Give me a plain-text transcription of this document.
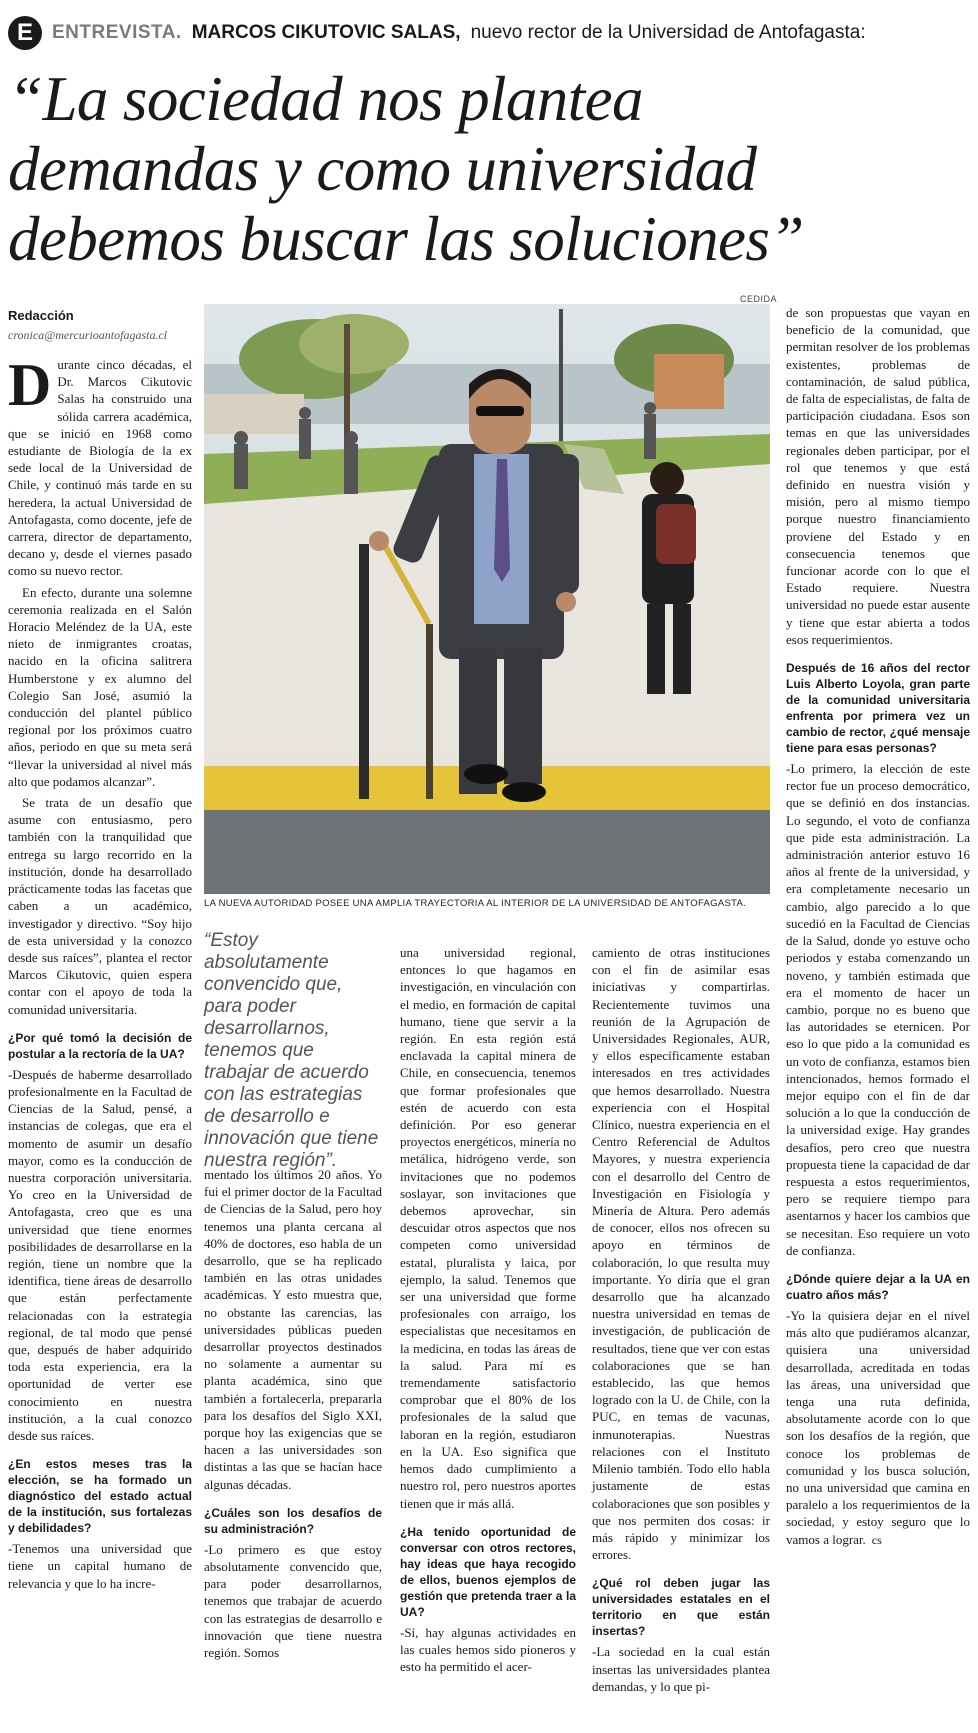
E	ENTREVISTA. MARCOS CIKUTOVIC SALAS, nuevo rector de la Universidad de Antofagasta:
“La sociedad nos plantea
demandas y como universidad
debemos buscar las soluciones”
Redacción
cronica@mercurioantofagasta.cl
CEDIDA
LA NUEVA AUTORIDAD POSEE UNA AMPLIA TRAYECTORIA AL INTERIOR DE LA UNIVERSIDAD DE ANTOFAGASTA.
“Estoy absolutamente convencido que, para poder desarrollarnos, tenemos que trabajar de acuerdo con las estrategias de desarrollo e innovación que tiene nuestra región”.

Durante cinco décadas, el Dr. Marcos Cikutovic Salas ha construido una sólida carrera académica, que se inició en 1968 como estudiante de Biología de la ex sede local de la Universidad de Chile, y continuó más tarde en su heredera, la actual Universidad de Antofagasta, como docente, jefe de carrera, director de departamento, decano y, desde el viernes pasado como su nuevo rector.

En efecto, durante una solemne ceremonia realizada en el Salón Horacio Meléndez de la UA, este nieto de inmigrantes croatas, nacido en la oficina salitrera Humberstone y ex alumno del Colegio San José, asumió la conducción del plantel público regional por los próximos cuatro años, periodo en que su meta será “llevar la universidad al nivel más alto que podamos alcanzar”.

Se trata de un desafío que asume con entusiasmo, pero también con la tranquilidad que entrega su largo recorrido en la institución, donde ha desarrollado prácticamente todas las facetas que caben a un académico, investigador y directivo. “Soy hijo de esta universidad y la conozco desde sus raíces”, plantea el rector Marcos Cikutovic, quien espera contar con el apoyo de toda la comunidad universitaria.

¿Por qué tomó la decisión de postular a la rectoría de la UA?

-Después de haberme desarrollado profesionalmente en la Facultad de Ciencias de la Salud, pensé, a instancias de colegas, que era el momento de asumir un desafío mayor, como es la conducción de nuestra corporación universitaria. Yo creo en la Universidad de Antofagasta, creo que es una universidad que tiene enormes posibilidades de desarrollarse en la región, tiene un nombre que la identifica, tiene áreas de desarrollo que están perfectamente relacionadas con la estrategia regional, de tal modo que pensé que, después de haber adquirido toda esta experiencia, era la oportunidad de verter ese conocimiento en nuestra institución, a la cual conozco desde sus raíces.

¿En estos meses tras la elección, se ha formado un diagnóstico del estado actual de la institución, sus fortalezas y debilidades?

-Tenemos una universidad que tiene un capital humano de relevancia y que lo ha incre-

mentado los últimos 20 años. Yo fui el primer doctor de la Facultad de Ciencias de la Salud, pero hoy tenemos una planta cercana al 40% de doctores, eso habla de un desarrollo, que se ha replicado también en las otras unidades académicas. Y esto muestra que, no obstante las carencias, las universidades públicas pueden desarrollar proyectos destinados no solamente a aumentar su planta académica, sino que también a fortalecerla, prepararla para los desafíos del Siglo XXI, porque hoy las exigencias que se hacen a las universidades son distintas a las que se hacían hace algunas décadas.

¿Cuáles son los desafíos de su administración?

-Lo primero es que estoy absolutamente convencido que, para poder desarrollarnos, tenemos que trabajar de acuerdo con las estrategias de desarrollo e innovación que tiene nuestra región. Somos

una universidad regional, entonces lo que hagamos en investigación, en vinculación con el medio, en formación de capital humano, tiene que servir a la región. En esta región está enclavada la capital minera de Chile, en consecuencia, tenemos que formar profesionales que estén de acuerdo con esta definición. Por eso generar proyectos energéticos, minería no metálica, hidrógeno verde, son invitaciones que no podemos soslayar, son invitaciones que debemos aprovechar, sin descuidar otros aspectos que nos competen como universidad estatal, pluralista y laica, por ejemplo, la salud. Tenemos que ser una universidad que forme profesionales con arraigo, los especialistas que necesitamos en la medicina, en todas las áreas de la salud. Para mí es tremendamente satisfactorio comprobar que el 80% de los profesionales de la salud que laboran en la región, estudiaron en la UA. Eso significa que hemos dado cumplimiento a nuestro rol, pero nuestros aportes tienen que ir más allá.

¿Ha tenido oportunidad de conversar con otros rectores, hay ideas que haya recogido de ellos, buenos ejemplos de gestión que pretenda traer a la UA?

-Sí, hay algunas actividades en las cuales hemos sido pioneros y esto ha permitido el acer-

camiento de otras instituciones con el fin de asimilar esas iniciativas y compartirlas. Recientemente tuvimos una reunión de la Agrupación de Universidades Regionales, AUR, y ellos específicamente estaban interesados en tres actividades que hemos desarrollado. Nuestra experiencia con el Hospital Clínico, nuestra experiencia en el Centro Referencial de Adultos Mayores, y nuestra experiencia con el desarrollo del Centro de Investigación en Fisiología y Minería de Altura. Pero además de conocer, ellos nos ofrecen su apoyo en términos de colaboración, lo que resulta muy importante. Yo diría que el gran desarrollo que ha alcanzado nuestra universidad en temas de investigación, de publicación de resultados, tiene que ver con estas colaboraciones que se han establecido, las que hemos logrado con la U. de Chile, con la PUC, en temas de vacunas, inmunoterapias. Nuestras relaciones con el Instituto Milenio también. Todo ello habla justamente de estas colaboraciones que son posibles y que nos permiten dos cosas: ir más rápido y minimizar los errores.

¿Qué rol deben jugar las universidades estatales en el territorio en que están insertas?

-La sociedad en la cual están insertas las universidades plantea demandas, y lo que pi-

de son propuestas que vayan en beneficio de la comunidad, que permitan resolver de los problemas existentes, problemas de contaminación, de salud pública, de falta de especialistas, de falta de participación ciudadana. Esos son temas en que las universidades regionales deben participar, por el rol que tenemos y que está definido en nuestra visión y misión, pero al mismo tiempo porque nuestro financiamiento proviene del Estado y en consecuencia tenemos que funcionar acorde con lo que el Estado requiere. Nuestra universidad no puede estar ausente y tiene que estar abierta a todos esos requerimientos.

Después de 16 años del rector Luis Alberto Loyola, gran parte de la comunidad universitaria enfrenta por primera vez un cambio de rector, ¿qué mensaje tiene para esas personas?

-Lo primero, la elección de este rector fue un proceso democrático, que se definió en dos instancias. Lo segundo, el voto de confianza que pide esta administración. La administración anterior estuvo 16 años al frente de la universidad, y era completamente necesario un cambio, algo parecido a lo que sucedió en la Facultad de Ciencias de la Salud, donde yo estuve ocho periodos y estaba comenzando un noveno, y también estimada que era el momento de hacer un cambio, porque no es bueno que las autoridades se eternicen. Por eso lo que pido a la comunidad es un voto de confianza, estamos bien intencionados, hemos formado el mejor equipo con el fin de dar solución a lo que la conducción de la universidad exige. Hay grandes desafíos, pero creo que nuestra propuesta tiene la capacidad de dar respuesta a estos requerimientos, pero se requiere tiempo para asentarnos y hacer los cambios que se necesitan. Eso requiere un voto de confianza.

¿Dónde quiere dejar a la UA en cuatro años más?

-Yo la quisiera dejar en el nivel más alto que pudiéramos alcanzar, quisiera una universidad desarrollada, acreditada en todas las áreas, una universidad que tenga una ruta definida, absolutamente acorde con lo que son los desafíos de la región, que conoce los problemas de comunidad y los busca solución, no una universidad que camina en paralelo a los requerimientos de la sociedad, y estoy seguro que lo vamos a lograr. cs
